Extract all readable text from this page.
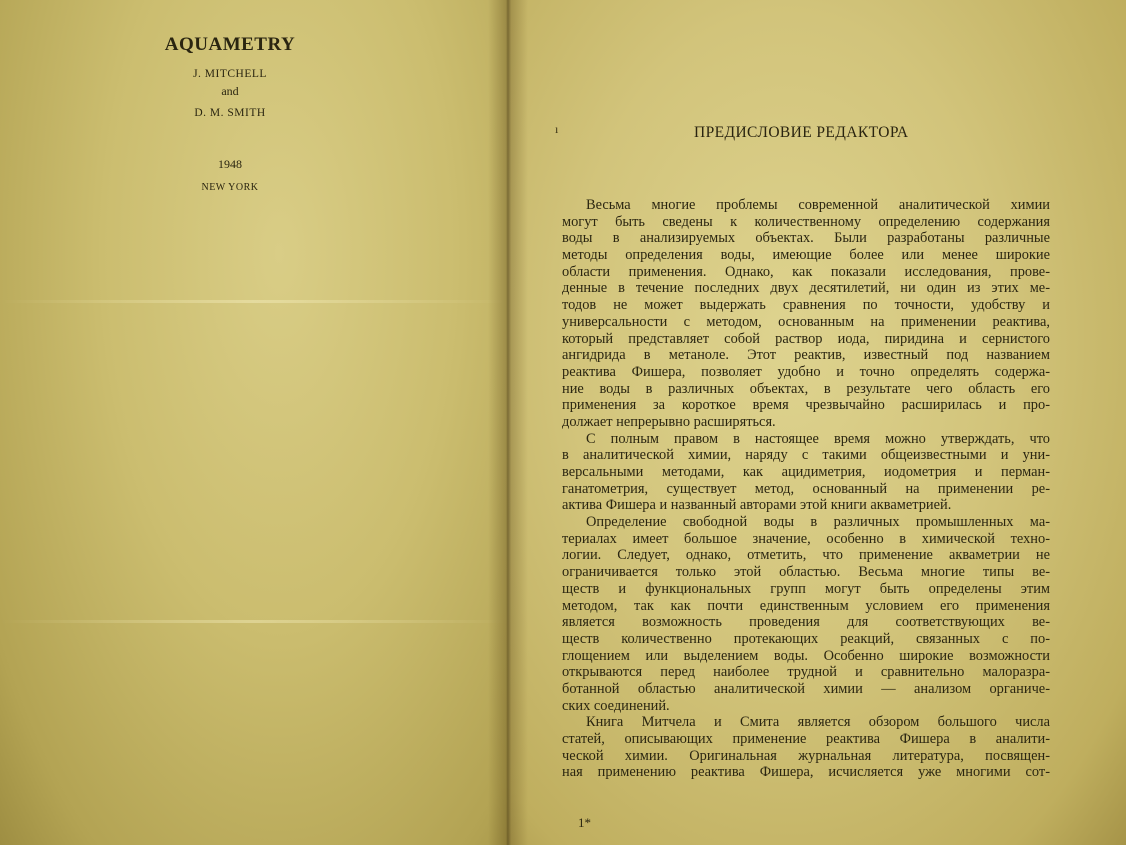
AQUAMETRY
J. MITCHELL
and
D. M. SMITH
1948
NEW YORK
ı	ПРЕДИСЛОВИЕ РЕДАКТОРА
Весьма многие проблемы современной аналитической химии
могут быть сведены к количественному определению содержания
воды в анализируемых объектах. Были разработаны различные
методы определения воды, имеющие более или менее широкие
области применения. Однако, как показали исследования, прове-
денные в течение последних двух десятилетий, ни один из этих ме-
тодов не может выдержать сравнения по точности, удобству и
универсальности с методом, основанным на применении реактива,
который представляет собой раствор иода, пиридина и сернистого
ангидрида в метаноле. Этот реактив, известный под названием
реактива Фишера, позволяет удобно и точно определять содержа-
ние воды в различных объектах, в результате чего область его
применения за короткое время чрезвычайно расширилась и про-
должает непрерывно расширяться.
С полным правом в настоящее время можно утверждать, что
в аналитической химии, наряду с такими общеизвестными и уни-
версальными методами, как ацидиметрия, иодометрия и перман-
ганатометрия, существует метод, основанный на применении ре-
актива Фишера и названный авторами этой книги акваметрией.
Определение свободной воды в различных промышленных ма-
териалах имеет большое значение, особенно в химической техно-
логии. Следует, однако, отметить, что применение акваметрии не
ограничивается только этой областью. Весьма многие типы ве-
ществ и функциональных групп могут быть определены этим
методом, так как почти единственным условием его применения
является возможность проведения для соответствующих ве-
ществ количественно протекающих реакций, связанных с по-
глощением или выделением воды. Особенно широкие возможности
открываются перед наиболее трудной и сравнительно малоразра-
ботанной областью аналитической химии — анализом органиче-
ских соединений.
Книга Митчела и Смита является обзором большого числа
статей, описывающих применение реактива Фишера в аналити-
ческой химии. Оригинальная журнальная литература, посвящен-
ная применению реактива Фишера, исчисляется уже многими сот-
1*
